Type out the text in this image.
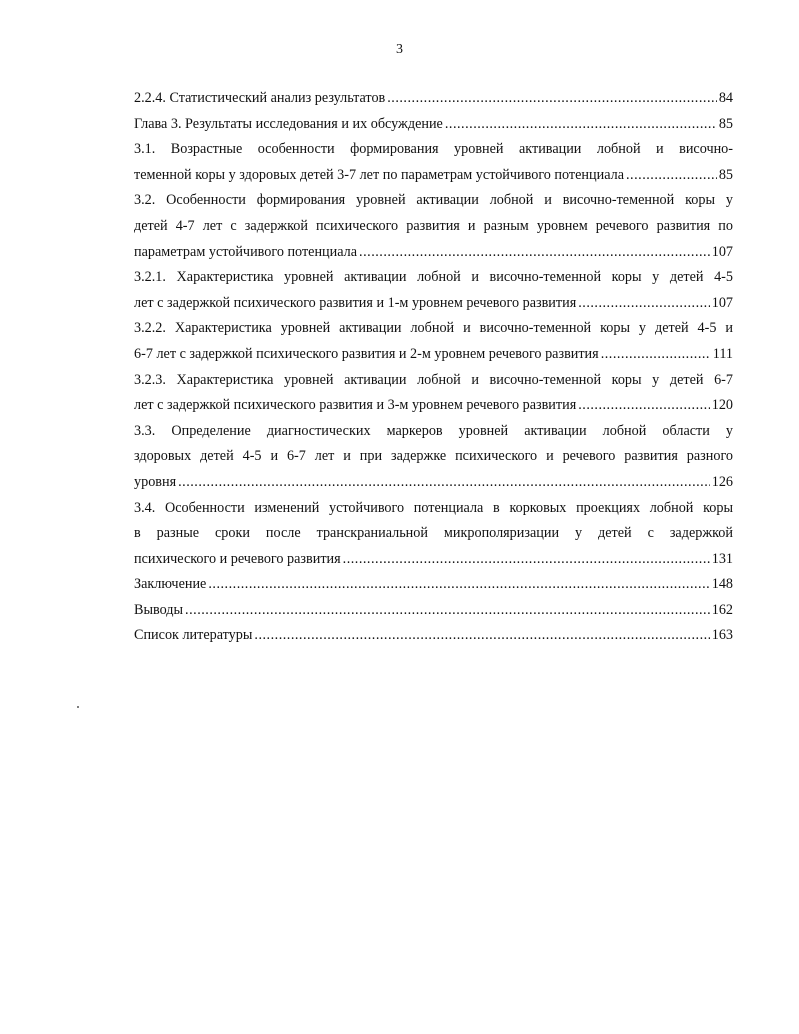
3
2.2.4. Статистический анализ результатов .....	84
Глава 3. Результаты исследования и их обсуждение .....	85
3.1. Возрастные особенности формирования уровней активации лобной и височно-
теменной коры у здоровых детей 3-7 лет по параметрам устойчивого потенциала .....	85
3.2. Особенности формирования уровней активации лобной и височно-теменной коры у
детей 4-7 лет с задержкой психического развития и разным уровнем речевого развития по
параметрам устойчивого потенциала .....	107
3.2.1. Характеристика уровней активации лобной и височно-теменной коры у детей 4-5
лет с задержкой психического развития и 1-м уровнем речевого развития .....	107
3.2.2. Характеристика уровней активации лобной и височно-теменной коры у детей 4-5 и
6-7 лет с задержкой психического развития и 2-м уровнем речевого развития .....	111
3.2.3. Характеристика уровней активации лобной и височно-теменной коры у детей 6-7
лет с задержкой психического развития и 3-м уровнем речевого развития .....	120
3.3. Определение диагностических маркеров уровней активации лобной области у
здоровых детей 4-5 и 6-7 лет и при задержке психического и речевого развития разного
уровня .....	126
3.4. Особенности изменений устойчивого потенциала в корковых проекциях лобной коры
в разные сроки после транскраниальной микрополяризации у детей с задержкой
психического и речевого развития .....	131
Заключение .....	148
Выводы .....	162
Список литературы .....	163
